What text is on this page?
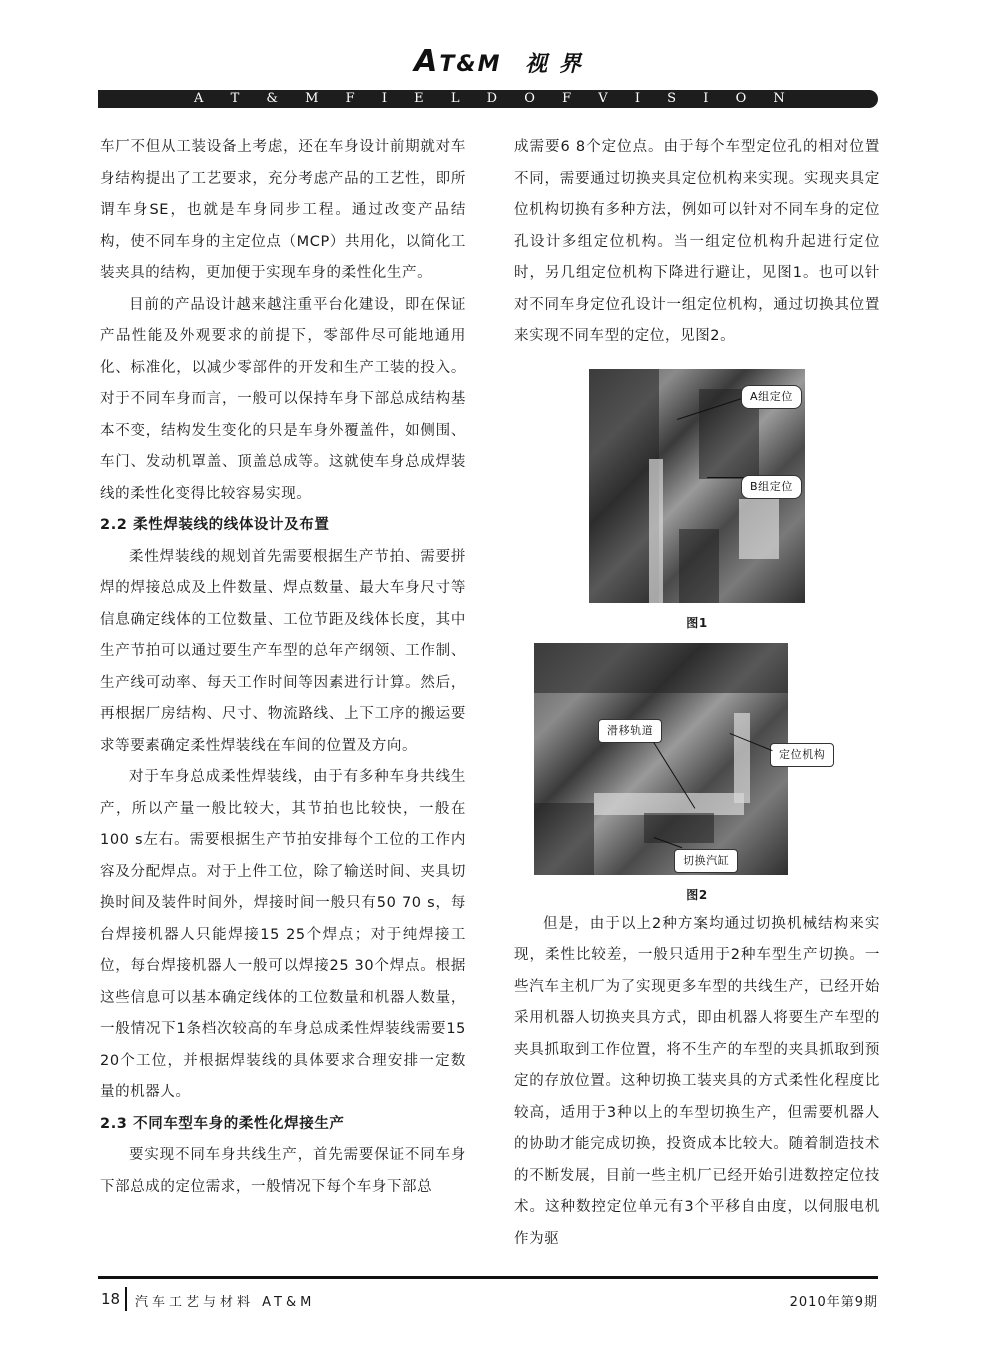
AT&M 视 界
A T & M F I E L D O F V I S I O N

车厂不但从工装设备上考虑，还在车身设计前期就对车身结构提出了工艺要求，充分考虑产品的工艺性，即所谓车身SE，也就是车身同步工程。通过改变产品结构，使不同车身的主定位点（MCP）共用化，以简化工装夹具的结构，更加便于实现车身的柔性化生产。

目前的产品设计越来越注重平台化建设，即在保证产品性能及外观要求的前提下，零部件尽可能地通用化、标准化，以减少零部件的开发和生产工装的投入。对于不同车身而言，一般可以保持车身下部总成结构基本不变，结构发生变化的只是车身外覆盖件，如侧围、车门、发动机罩盖、顶盖总成等。这就使车身总成焊装线的柔性化变得比较容易实现。

2.2 柔性焊装线的线体设计及布置

柔性焊装线的规划首先需要根据生产节拍、需要拼焊的焊接总成及上件数量、焊点数量、最大车身尺寸等信息确定线体的工位数量、工位节距及线体长度，其中生产节拍可以通过要生产车型的总年产纲领、工作制、生产线可动率、每天工作时间等因素进行计算。然后，再根据厂房结构、尺寸、物流路线、上下工序的搬运要求等要素确定柔性焊装线在车间的位置及方向。

对于车身总成柔性焊装线，由于有多种车身共线生产，所以产量一般比较大，其节拍也比较快，一般在100 s左右。需要根据生产节拍安排每个工位的工作内容及分配焊点。对于上件工位，除了输送时间、夹具切换时间及装件时间外，焊接时间一般只有50 70 s，每台焊接机器人只能焊接15 25个焊点；对于纯焊接工位，每台焊接机器人一般可以焊接25 30个焊点。根据这些信息可以基本确定线体的工位数量和机器人数量，一般情况下1条档次较高的车身总成柔性焊装线需要15 20个工位，并根据焊装线的具体要求合理安排一定数量的机器人。

2.3 不同车型车身的柔性化焊接生产

要实现不同车身共线生产，首先需要保证不同车身下部总成的定位需求，一般情况下每个车身下部总

成需要6 8个定位点。由于每个车型定位孔的相对位置不同，需要通过切换夹具定位机构来实现。实现夹具定位机构切换有多种方法，例如可以针对不同车身的定位孔设计多组定位机构。当一组定位机构升起进行定位时，另几组定位机构下降进行避让，见图1。也可以针对不同车身定位孔设计一组定位机构，通过切换其位置来实现不同车型的定位，见图2。

A组定位
B组定位
图1
滑移轨道
定位机构
切换汽缸
图2

但是，由于以上2种方案均通过切换机械结构来实现，柔性比较差，一般只适用于2种车型生产切换。一些汽车主机厂为了实现更多车型的共线生产，已经开始采用机器人切换夹具方式，即由机器人将要生产车型的夹具抓取到工作位置，将不生产的车型的夹具抓取到预定的存放位置。这种切换工装夹具的方式柔性化程度比较高，适用于3种以上的车型切换生产，但需要机器人的协助才能完成切换，投资成本比较大。随着制造技术的不断发展，目前一些主机厂已经开始引进数控定位技术。这种数控定位单元有3个平移自由度，以伺服电机作为驱

18 汽车工艺与材料 AT&M	2010年第9期
